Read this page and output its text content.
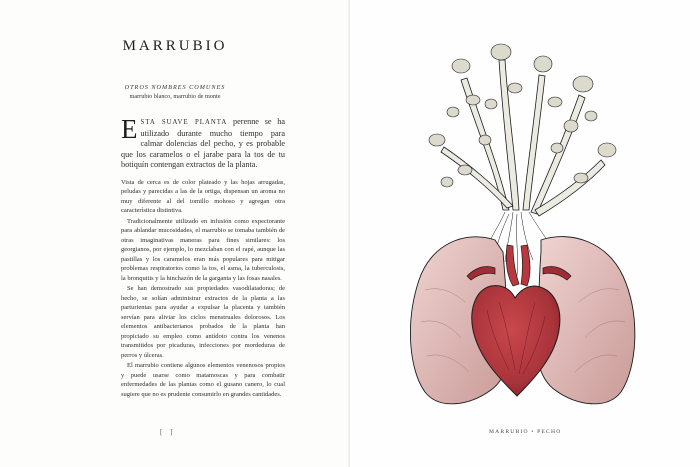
MARRUBIO
OTROS NOMBRES COMUNES
marrubio blanco, marrubio de monte

ESTA SUAVE PLANTA perenne se ha utilizado durante mucho tiempo para calmar dolencias del pecho, y es probable que los caramelos o el jarabe para la tos de tu botiquín contengan extractos de la planta.

Vista de cerca es de color plateado y las hojas arrugadas, peludas y parecidas a las de la ortiga, dispensan un aroma no muy diferente al del tomillo mohoso y agregan otra característica distintiva.

Tradicionalmente utilizado en infusión como expectorante para ablandar mucosidades, el marrubio se tomaba también de otras imaginativas maneras para fines similares: los georgianos, por ejemplo, lo mezclaban con el rapé, aunque las pastillas y los caramelos eran más populares para mitigar problemas respiratorios como la tos, el asma, la tuberculosis, la bronquitis y la hinchazón de la garganta y las fosas nasales.

Se han demostrado sus propiedades vasodilatadoras; de hecho, se solían administrar extractos de la planta a las parturientas para ayudar a expulsar la placenta y también servían para aliviar los ciclos menstruales dolorosos. Los elementos antibacterianos probados de la planta han propiciado su empleo como antídoto contra los venenos transmitidos por picaduras, infecciones por mordeduras de perros y úlceras.

El marrubio contiene algunos elementos venenosos propios y puede usarse como matamoscas y para combatir enfermedades de las plantas como el gusano canero, lo cual sugiere que no es prudente consumirlo en grandes cantidades.

[ ]	MARRUBIO • PECHO
